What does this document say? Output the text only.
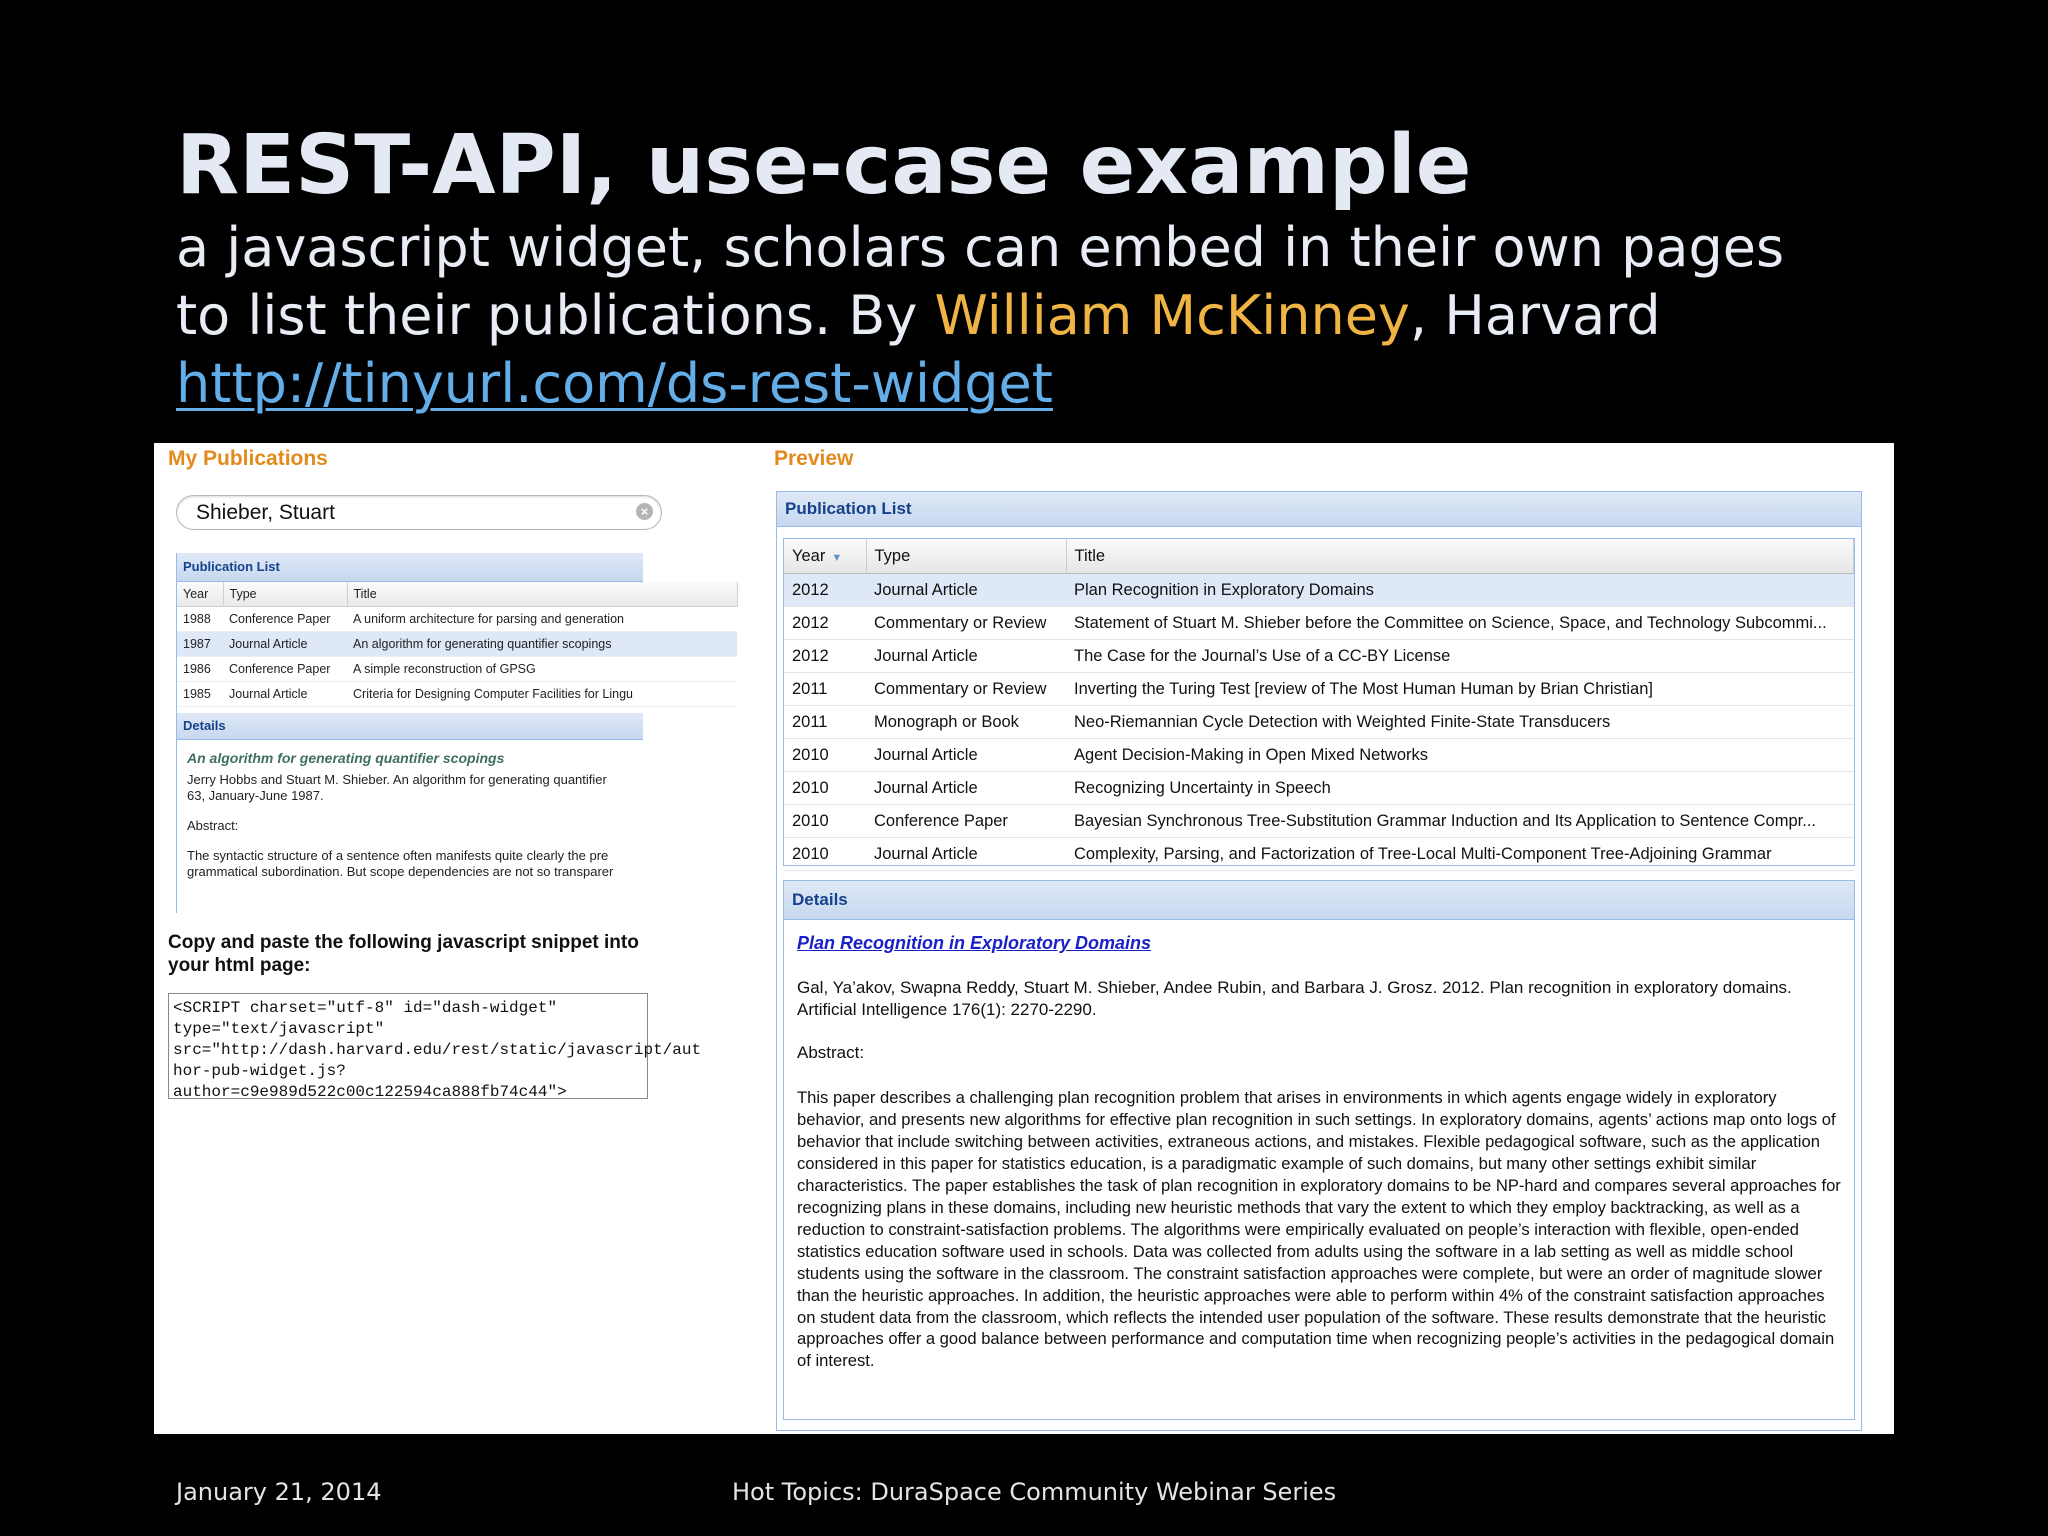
REST-API, use-case example
a javascript widget, scholars can embed in their own pages
to list their publications. By William McKinney, Harvard
http://tinyurl.com/ds-rest-widget
My Publications
Shieber, Stuart	×
Publication List
Year	Type	Title
1988	Conference Paper	A uniform architecture for parsing and generation
1987	Journal Article	An algorithm for generating quantifier scopings
1986	Conference Paper	A simple reconstruction of GPSG
1985	Journal Article	Criteria for Designing Computer Facilities for Lingu
Details
An algorithm for generating quantifier scopings
Jerry Hobbs and Stuart M. Shieber. An algorithm for generating quantifier
63, January-June 1987.
Abstract:
The syntactic structure of a sentence often manifests quite clearly the pre
grammatical subordination. But scope dependencies are not so transparer
Copy and paste the following javascript snippet into your html page:
<SCRIPT charset="utf-8" id="dash-widget"
type="text/javascript"
src="http://dash.harvard.edu/rest/static/javascript/aut
hor-pub-widget.js?
author=c9e989d522c00c122594ca888fb74c44">
Preview
Publication List
Year ▼	Type	Title
2012	Journal Article	Plan Recognition in Exploratory Domains
2012	Commentary or Review	Statement of Stuart M. Shieber before the Committee on Science, Space, and Technology Subcommi...
2012	Journal Article	The Case for the Journal’s Use of a CC-BY License
2011	Commentary or Review	Inverting the Turing Test [review of The Most Human Human by Brian Christian]
2011	Monograph or Book	Neo-Riemannian Cycle Detection with Weighted Finite-State Transducers
2010	Journal Article	Agent Decision-Making in Open Mixed Networks
2010	Journal Article	Recognizing Uncertainty in Speech
2010	Conference Paper	Bayesian Synchronous Tree-Substitution Grammar Induction and Its Application to Sentence Compr...
2010	Journal Article	Complexity, Parsing, and Factorization of Tree-Local Multi-Component Tree-Adjoining Grammar
Details
Plan Recognition in Exploratory Domains
Gal, Ya’akov, Swapna Reddy, Stuart M. Shieber, Andee Rubin, and Barbara J. Grosz. 2012. Plan recognition in exploratory domains. Artificial Intelligence 176(1): 2270-2290.
Abstract:
This paper describes a challenging plan recognition problem that arises in environments in which agents engage widely in exploratory behavior, and presents new algorithms for effective plan recognition in such settings. In exploratory domains, agents’ actions map onto logs of behavior that include switching between activities, extraneous actions, and mistakes. Flexible pedagogical software, such as the application considered in this paper for statistics education, is a paradigmatic example of such domains, but many other settings exhibit similar characteristics. The paper establishes the task of plan recognition in exploratory domains to be NP-hard and compares several approaches for recognizing plans in these domains, including new heuristic methods that vary the extent to which they employ backtracking, as well as a reduction to constraint-satisfaction problems. The algorithms were empirically evaluated on people’s interaction with flexible, open-ended statistics education software used in schools. Data was collected from adults using the software in a lab setting as well as middle school students using the software in the classroom. The constraint satisfaction approaches were complete, but were an order of magnitude slower than the heuristic approaches. In addition, the heuristic approaches were able to perform within 4% of the constraint satisfaction approaches on student data from the classroom, which reflects the intended user population of the software. These results demonstrate that the heuristic approaches offer a good balance between performance and computation time when recognizing people’s activities in the pedagogical domain of interest.
January 21, 2014	Hot Topics: DuraSpace Community Webinar Series
